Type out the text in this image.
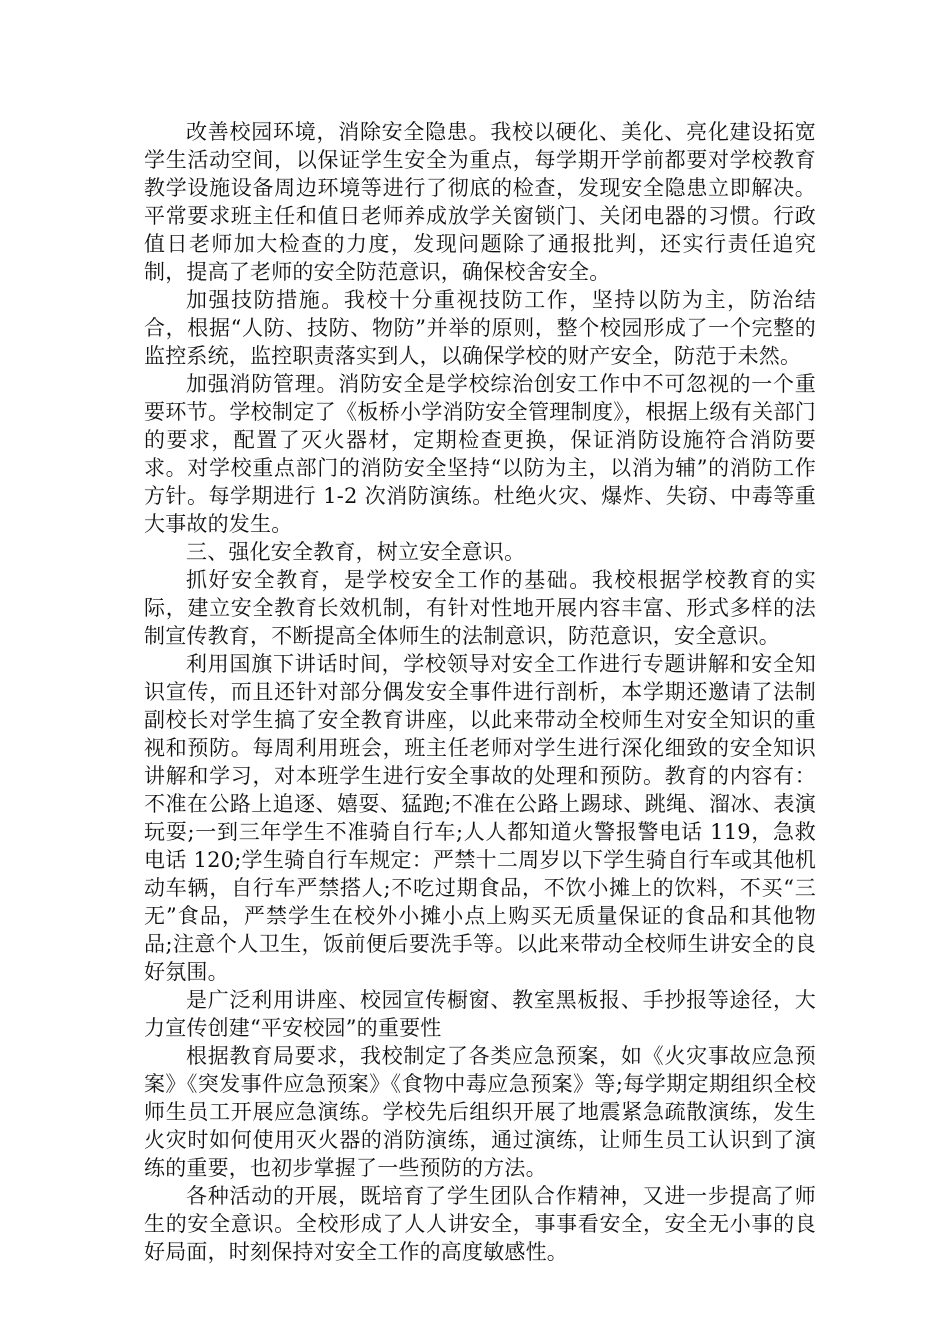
改善校园环境，消除安全隐患。我校以硬化、美化、亮化建设拓宽学生活动空间，以保证学生安全为重点，每学期开学前都要对学校教育教学设施设备周边环境等进行了彻底的检查，发现安全隐患立即解决。平常要求班主任和值日老师养成放学关窗锁门、关闭电器的习惯。行政值日老师加大检查的力度，发现问题除了通报批判，还实行责任追究制，提高了老师的安全防范意识，确保校舍安全。

加强技防措施。我校十分重视技防工作，坚持以防为主，防治结合，根据“人防、技防、物防”并举的原则，整个校园形成了一个完整的监控系统，监控职责落实到人，以确保学校的财产安全，防范于未然。

加强消防管理。消防安全是学校综治创安工作中不可忽视的一个重要环节。学校制定了《板桥小学消防安全管理制度》，根据上级有关部门的要求，配置了灭火器材，定期检查更换，保证消防设施符合消防要求。对学校重点部门的消防安全坚持“以防为主，以消为辅”的消防工作方针。每学期进行 1-2 次消防演练。杜绝火灾、爆炸、失窃、中毒等重大事故的发生。

三、强化安全教育，树立安全意识。

抓好安全教育，是学校安全工作的基础。我校根据学校教育的实际，建立安全教育长效机制，有针对性地开展内容丰富、形式多样的法制宣传教育，不断提高全体师生的法制意识，防范意识，安全意识。

利用国旗下讲话时间，学校领导对安全工作进行专题讲解和安全知识宣传，而且还针对部分偶发安全事件进行剖析，本学期还邀请了法制副校长对学生搞了安全教育讲座，以此来带动全校师生对安全知识的重视和预防。每周利用班会，班主任老师对学生进行深化细致的安全知识讲解和学习，对本班学生进行安全事故的处理和预防。教育的内容有：不准在公路上追逐、嬉耍、猛跑;不准在公路上踢球、跳绳、溜冰、表演玩耍;一到三年学生不准骑自行车;人人都知道火警报警电话 119，急救电话 120;学生骑自行车规定：严禁十二周岁以下学生骑自行车或其他机动车辆，自行车严禁搭人;不吃过期食品，不饮小摊上的饮料，不买“三无”食品，严禁学生在校外小摊小点上购买无质量保证的食品和其他物品;注意个人卫生，饭前便后要洗手等。以此来带动全校师生讲安全的良好氛围。

是广泛利用讲座、校园宣传橱窗、教室黑板报、手抄报等途径，大力宣传创建“平安校园”的重要性

根据教育局要求，我校制定了各类应急预案，如《火灾事故应急预案》《突发事件应急预案》《食物中毒应急预案》等;每学期定期组织全校师生员工开展应急演练。学校先后组织开展了地震紧急疏散演练，发生火灾时如何使用灭火器的消防演练，通过演练，让师生员工认识到了演练的重要，也初步掌握了一些预防的方法。

各种活动的开展，既培育了学生团队合作精神，又进一步提高了师生的安全意识。全校形成了人人讲安全，事事看安全，安全无小事的良好局面，时刻保持对安全工作的高度敏感性。
